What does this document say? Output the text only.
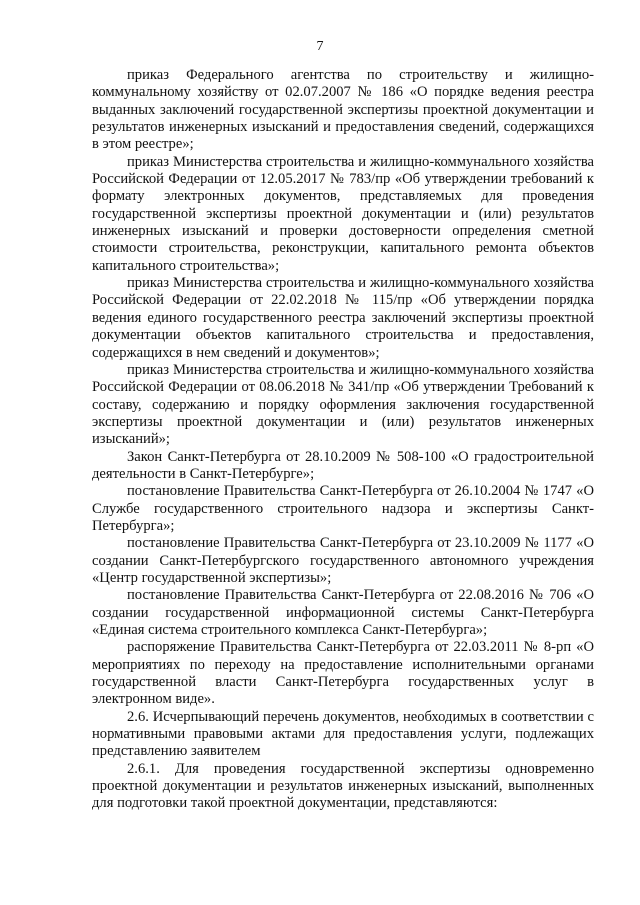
7

приказ Федерального агентства по строительству и жилищно-коммунальному хозяйству от 02.07.2007 № 186 «О порядке ведения реестра выданных заключений государственной экспертизы проектной документации и результатов инженерных изысканий и предоставления сведений, содержащихся в этом реестре»;

приказ Министерства строительства и жилищно-коммунального хозяйства Российской Федерации от 12.05.2017 № 783/пр «Об утверждении требований к формату электронных документов, представляемых для проведения государственной экспертизы проектной документации и (или) результатов инженерных изысканий и проверки достоверности определения сметной стоимости строительства, реконструкции, капитального ремонта объектов капитального строительства»;

приказ Министерства строительства и жилищно-коммунального хозяйства Российской Федерации от 22.02.2018 № 115/пр «Об утверждении порядка ведения единого государственного реестра заключений экспертизы проектной документации объектов капитального строительства и предоставления, содержащихся в нем сведений и документов»;

приказ Министерства строительства и жилищно-коммунального хозяйства Российской Федерации от 08.06.2018 № 341/пр «Об утверждении Требований к составу, содержанию и порядку оформления заключения государственной экспертизы проектной документации и (или) результатов инженерных изысканий»;

Закон Санкт-Петербурга от 28.10.2009 № 508-100 «О градостроительной деятельности в Санкт-Петербурге»;

постановление Правительства Санкт-Петербурга от 26.10.2004 № 1747 «О Службе государственного строительного надзора и экспертизы Санкт-Петербурга»;

постановление Правительства Санкт-Петербурга от 23.10.2009 № 1177 «О создании Санкт-Петербургского государственного автономного учреждения «Центр государственной экспертизы»;

постановление Правительства Санкт-Петербурга от 22.08.2016 № 706 «О создании государственной информационной системы Санкт-Петербурга «Единая система строительного комплекса Санкт-Петербурга»;

распоряжение Правительства Санкт-Петербурга от 22.03.2011 № 8-рп «О мероприятиях по переходу на предоставление исполнительными органами государственной власти Санкт-Петербурга государственных услуг в электронном виде».

2.6. Исчерпывающий перечень документов, необходимых в соответствии с нормативными правовыми актами для предоставления услуги, подлежащих представлению заявителем

2.6.1. Для проведения государственной экспертизы одновременно проектной документации и результатов инженерных изысканий, выполненных для подготовки такой проектной документации, представляются:
